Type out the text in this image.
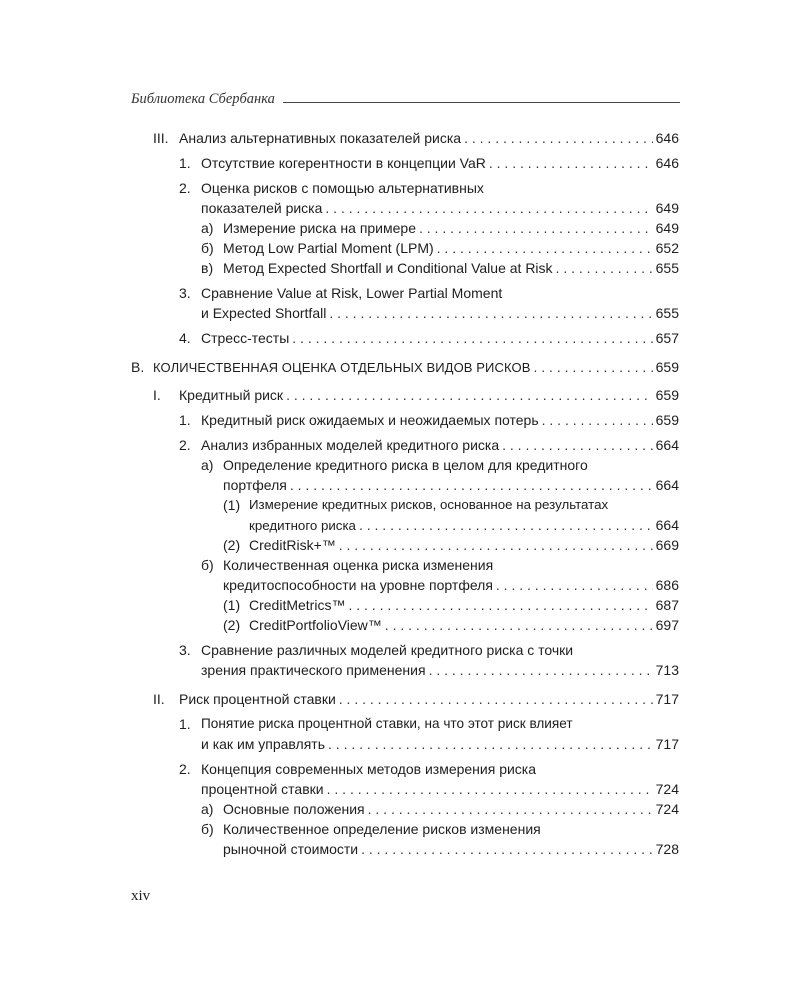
Библиотека Сбербанка
III. Анализ альтернативных показателей риска . . .	646
1. Отсутствие когерентности в концепции VaR . . .	646
2. Оценка рисков с помощью альтернативных
показателей риска . . .	649
а) Измерение риска на примере . . .	649
б) Метод Low Partial Moment (LPM) . . .	652
в) Метод Expected Shortfall и Conditional Value at Risk . . .	655
3. Сравнение Value at Risk, Lower Partial Moment
и Expected Shortfall . . .	655
4. Стресс-тесты . . .	657
В. КОЛИЧЕСТВЕННАЯ ОЦЕНКА ОТДЕЛЬНЫХ ВИДОВ РИСКОВ . . .	659
I. Кредитный риск . . .	659
1. Кредитный риск ожидаемых и неожидаемых потерь . . .	659
2. Анализ избранных моделей кредитного риска . . .	664
а) Определение кредитного риска в целом для кредитного
портфеля . . .	664
(1) Измерение кредитных рисков, основанное на результатах
кредитного риска . . .	664
(2) CreditRisk+™ . . .	669
б) Количественная оценка риска изменения
кредитоспособности на уровне портфеля . . .	686
(1) CreditMetrics™ . . .	687
(2) CreditPortfolioView™ . . .	697
3. Сравнение различных моделей кредитного риска с точки
зрения практического применения . . .	713
II. Риск процентной ставки . . .	717
1. Понятие риска процентной ставки, на что этот риск влияет
и как им управлять . . .	717
2. Концепция современных методов измерения риска
процентной ставки . . .	724
а) Основные положения . . .	724
б) Количественное определение рисков изменения
рыночной стоимости . . .	728
xiv
